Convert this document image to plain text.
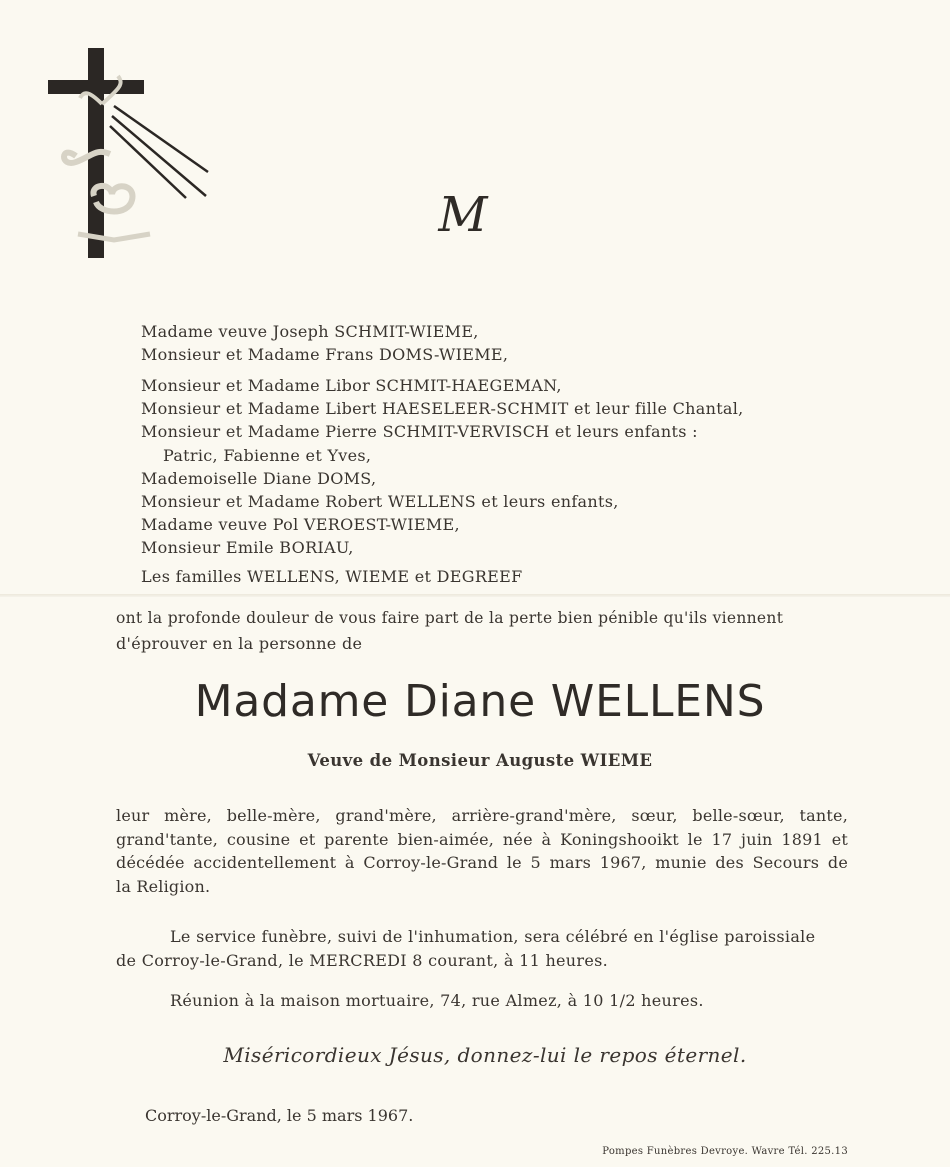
M
Madame veuve Joseph SCHMIT-WIEME,
Monsieur et Madame Frans DOMS-WIEME,
Monsieur et Madame Libor SCHMIT-HAEGEMAN,
Monsieur et Madame Libert HAESELEER-SCHMIT et leur fille Chantal,
Monsieur et Madame Pierre SCHMIT-VERVISCH et leurs enfants :
Patric, Fabienne et Yves,
Mademoiselle Diane DOMS,
Monsieur et Madame Robert WELLENS et leurs enfants,
Madame veuve Pol VEROEST-WIEME,
Monsieur Emile BORIAU,
Les familles WELLENS, WIEME et DEGREEF
ont la profonde douleur de vous faire part de la perte bien pénible qu'ils viennent
d'éprouver en la personne de
Madame Diane WELLENS
Veuve de Monsieur Auguste WIEME
leur mère, belle-mère, grand'mère, arrière-grand'mère, sœur, belle-sœur, tante,
grand'tante, cousine et parente bien-aimée, née à Koningshooikt le 17 juin 1891 et
décédée accidentellement à Corroy-le-Grand le 5 mars 1967, munie des Secours de
la Religion.
Le service funèbre, suivi de l'inhumation, sera célébré en l'église paroissiale
de Corroy-le-Grand, le MERCREDI 8 courant, à 11 heures.
Réunion à la maison mortuaire, 74, rue Almez, à 10 1/2 heures.
Miséricordieux Jésus, donnez-lui le repos éternel.
Corroy-le-Grand, le 5 mars 1967.
Pompes Funèbres Devroye. Wavre Tél. 225.13
